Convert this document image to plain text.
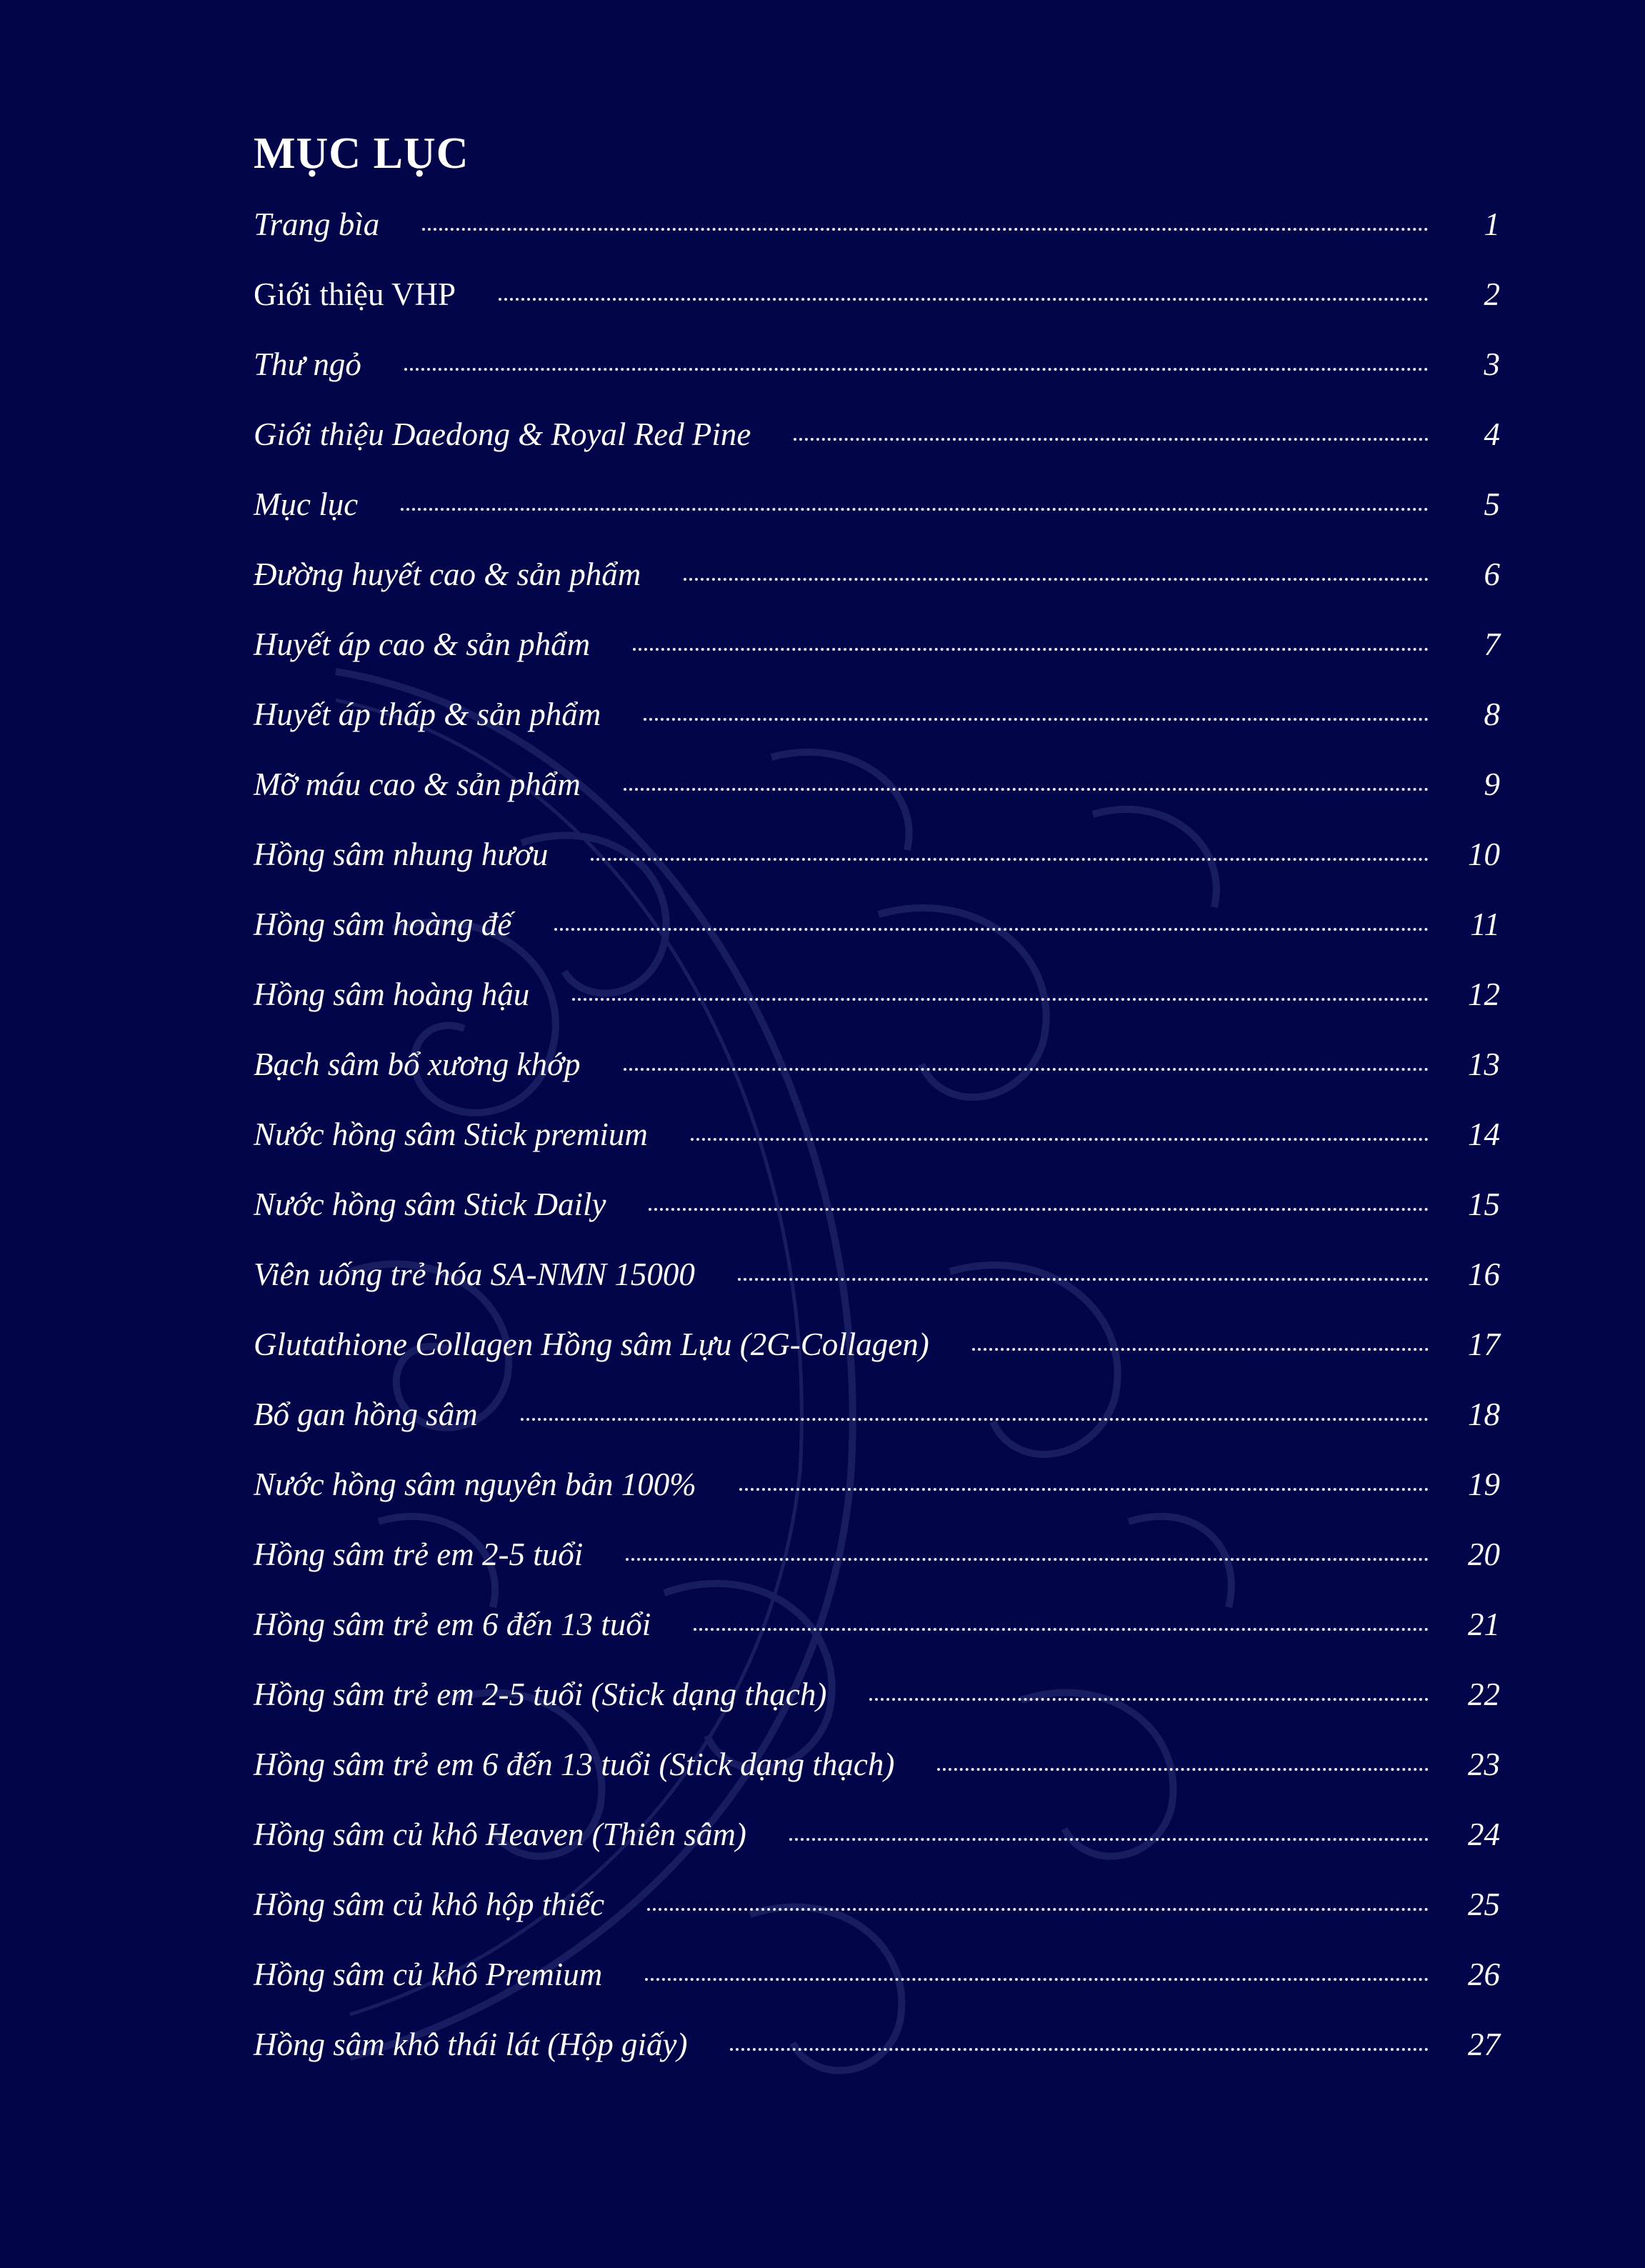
MỤC LỤC
Trang bìa	1
Giới thiệu VHP	2
Thư ngỏ	3
Giới thiệu Daedong & Royal Red Pine	4
Mục lục	5
Đường huyết cao & sản phẩm	6
Huyết áp cao & sản phẩm	7
Huyết áp thấp & sản phẩm	8
Mỡ máu cao & sản phẩm	9
Hồng sâm nhung hươu	10
Hồng sâm hoàng đế	11
Hồng sâm hoàng hậu	12
Bạch sâm bổ xương khớp	13
Nước hồng sâm Stick premium	14
Nước hồng sâm Stick Daily	15
Viên uống trẻ hóa SA-NMN 15000	16
Glutathione Collagen Hồng sâm Lựu (2G-Collagen)	17
Bổ gan hồng sâm	18
Nước hồng sâm nguyên bản 100%	19
Hồng sâm trẻ em 2-5 tuổi	20
Hồng sâm trẻ em 6 đến 13 tuổi	21
Hồng sâm trẻ em 2-5 tuổi (Stick dạng thạch)	22
Hồng sâm trẻ em 6 đến 13 tuổi (Stick dạng thạch)	23
Hồng sâm củ khô Heaven (Thiên sâm)	24
Hồng sâm củ khô hộp thiếc	25
Hồng sâm củ khô Premium	26
Hồng sâm khô thái lát (Hộp giấy)	27
